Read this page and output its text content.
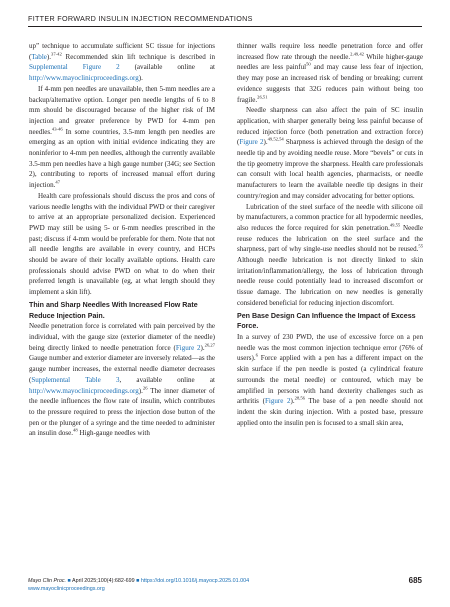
FITTER FORWARD INSULIN INJECTION RECOMMENDATIONS

up” technique to accumulate sufficient SC tissue for injections (Table).$^{37-42}$ Recommended skin lift technique is described in Supplemental Figure 2 (available online at http://www.mayoclinicproceedings.org).

If 4-mm pen needles are unavailable, then 5-mm needles are a backup/alternative option. Longer pen needle lengths of 6 to 8 mm should be discouraged because of the higher risk of IM injection and greater preference by PWD for 4-mm pen needles.$^{43-46}$ In some countries, 3.5-mm length pen needles are emerging as an option with initial evidence indicating they are noninferior to 4-mm pen needles, although the currently available 3.5-mm pen needles have a high gauge number (34G; see Section 2), contributing to reports of increased manual effort during injection.$^{47}$

Health care professionals should discuss the pros and cons of various needle lengths with the individual PWD or their caregiver to arrive at an appropriate personalized decision. Experienced PWD may still be using 5- or 6-mm needles prescribed in the past; discuss if 4-mm would be preferable for them. Note that not all needle lengths are available in every country, and HCPs should be aware of their locally available options. Health care professionals should advise PWD on what to do when their preferred length is unavailable (eg, at what length should they implement a skin lift).

Thin and Sharp Needles With Increased Flow Rate Reduce Injection Pain.

Needle penetration force is correlated with pain perceived by the individual, with the gauge size (exterior diameter of the needle) being directly linked to needle penetration force (Figure 2).$^{26,27}$ Gauge number and exterior diameter are inversely related—as the gauge number increases, the external needle diameter decreases (Supplemental Table 3, available online at http://www.mayoclinicproceedings.org).$^{26}$ The inner diameter of the needle influences the flow rate of insulin, which contributes to the pressure required to press the injection dose button of the pen or the plunger of a syringe and the time needed to administer an insulin dose.$^{48}$ High-gauge needles with

thinner walls require less needle penetration force and offer increased flow rate through the needle.$^{2,49,42}$ While higher-gauge needles are less painful$^{50}$ and may cause less fear of injection, they may pose an increased risk of bending or breaking; current evidence suggests that 32G reduces pain without being too fragile.$^{26,51}$

Needle sharpness can also affect the pain of SC insulin application, with sharper generally being less painful because of reduced injection force (both penetration and extraction force) (Figure 2).$^{49,52,54}$ Sharpness is achieved through the design of the needle tip and by avoiding needle reuse. More “bevels” or cuts in the tip geometry improve the sharpness. Health care professionals can consult with local health agencies, pharmacists, or needle manufacturers to learn the available needle tip designs in their country/region and may consider advocating for better options.

Lubrication of the steel surface of the needle with silicone oil by manufacturers, a common practice for all hypodermic needles, also reduces the force required for skin penetration.$^{49,55}$ Needle reuse reduces the lubrication on the steel surface and the sharpness, part of why single-use needles should not be reused.$^{55}$ Although needle lubrication is not directly linked to skin irritation/inflammation/allergy, the loss of lubrication through needle reuse could potentially lead to increased discomfort or tissue damage. The lubrication on new needles is generally considered beneficial for reducing injection discomfort.

Pen Base Design Can Influence the Impact of Excess Force.

In a survey of 230 PWD, the use of excessive force on a pen needle was the most common injection technique error (76% of users).$^6$ Force applied with a pen has a different impact on the skin surface if the pen needle is posted (a cylindrical feature surrounds the metal needle) or contoured, which may be amplified in persons with hand dexterity challenges such as arthritis (Figure 2).$^{28,56}$ The base of a pen needle should not indent the skin during injection. With a posted base, pressure applied onto the insulin pen is focused to a small skin area,

Mayo Clin Proc. ■ April 2025;100(4):682-699 ■ https://doi.org/10.1016/j.mayocp.2025.01.004
www.mayoclinicproceedings.org
685
